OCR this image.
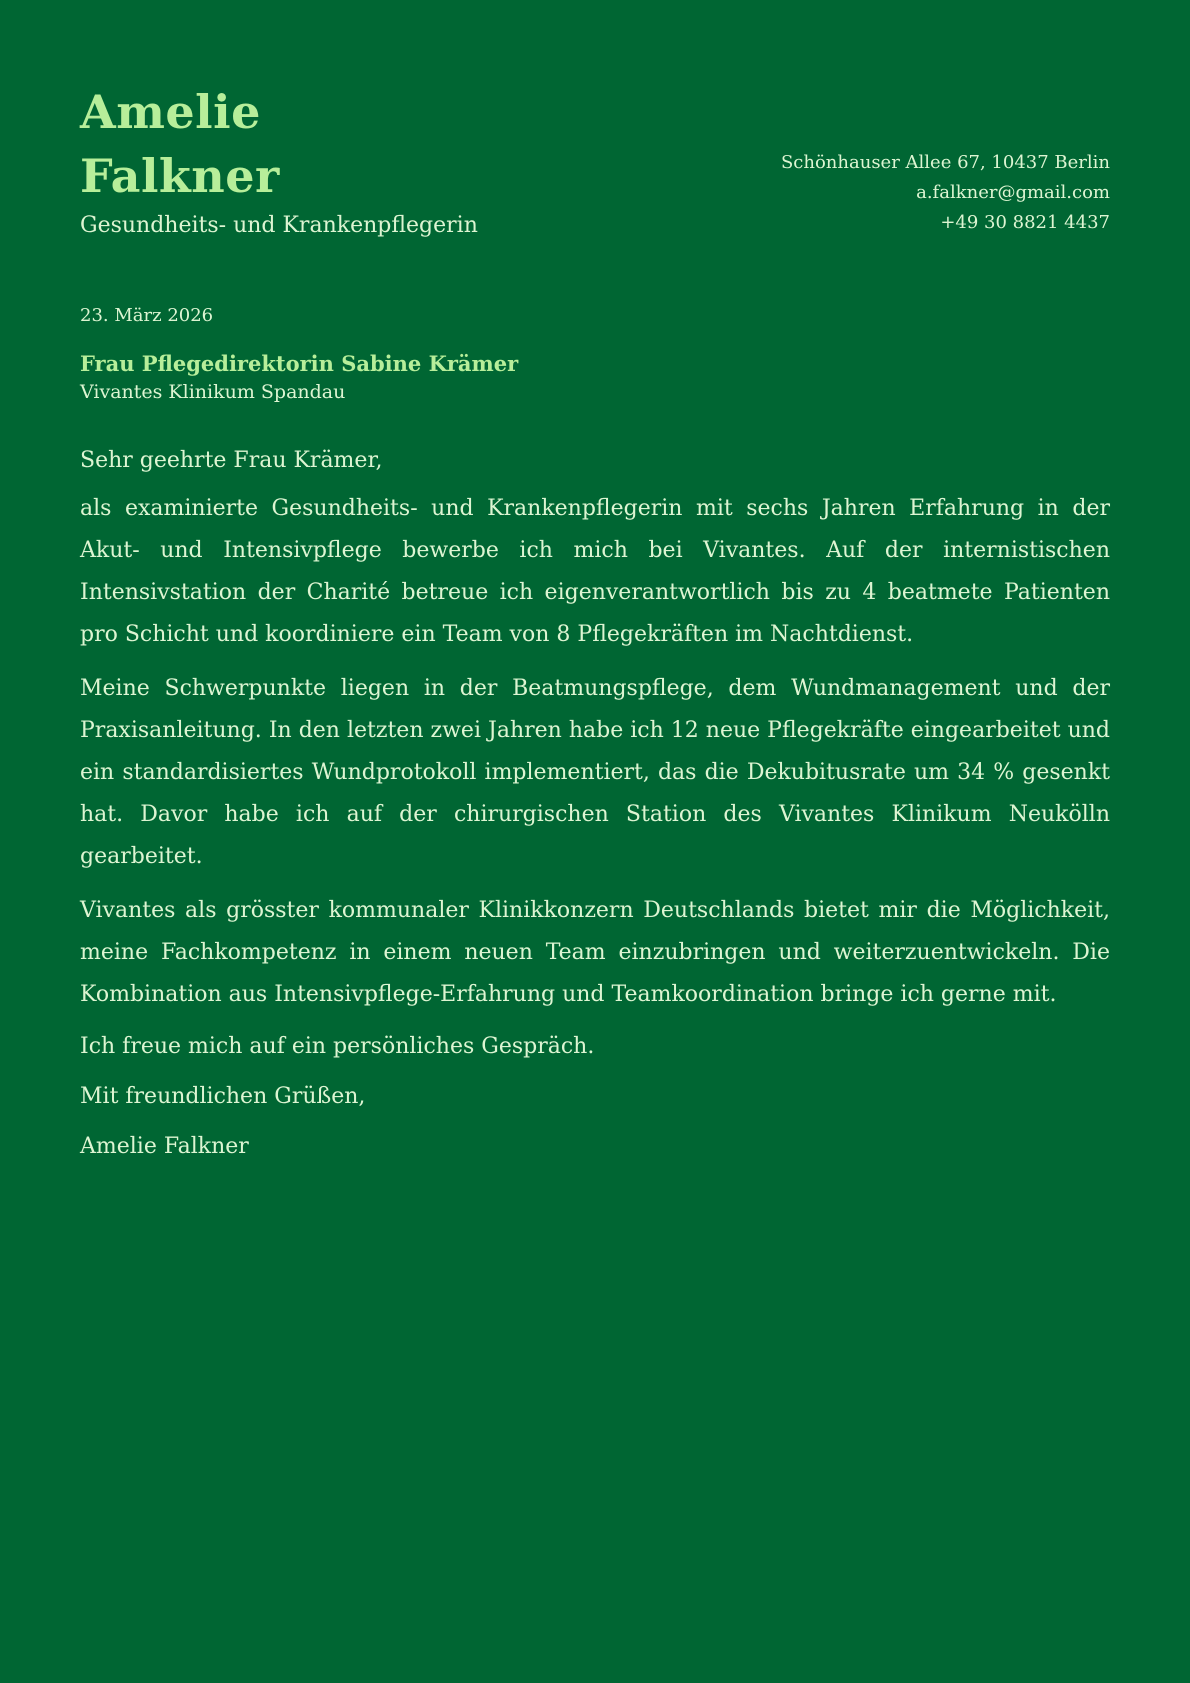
Amelie
Falkner
Gesundheits- und Krankenpflegerin
Schönhauser Allee 67, 10437 Berlin
a.falkner@gmail.com
+49 30 8821 4437
23. März 2026
Frau Pflegedirektorin Sabine Krämer
Vivantes Klinikum Spandau
Sehr geehrte Frau Krämer,
als examinierte Gesundheits- und Krankenpflegerin mit sechs Jahren Erfahrung in der Akut- und Intensivpflege bewerbe ich mich bei Vivantes. Auf der internistischen Intensivstation der Charité betreue ich eigenverantwortlich bis zu 4 beatmete Patienten pro Schicht und koordiniere ein Team von 8 Pflegekräften im Nachtdienst.
Meine Schwerpunkte liegen in der Beatmungspflege, dem Wundmanagement und der Praxisanleitung. In den letzten zwei Jahren habe ich 12 neue Pflegekräfte eingearbeitet und ein standardisiertes Wundprotokoll implementiert, das die Dekubitusrate um 34 % gesenkt hat. Davor habe ich auf der chirurgischen Station des Vivantes Klinikum Neukölln gearbeitet.
Vivantes als grösster kommunaler Klinikkonzern Deutschlands bietet mir die Möglichkeit, meine Fachkompetenz in einem neuen Team einzubringen und weiterzuentwickeln. Die Kombination aus Intensivpflege-Erfahrung und Teamkoordination bringe ich gerne mit.
Ich freue mich auf ein persönliches Gespräch.
Mit freundlichen Grüßen,
Amelie Falkner
